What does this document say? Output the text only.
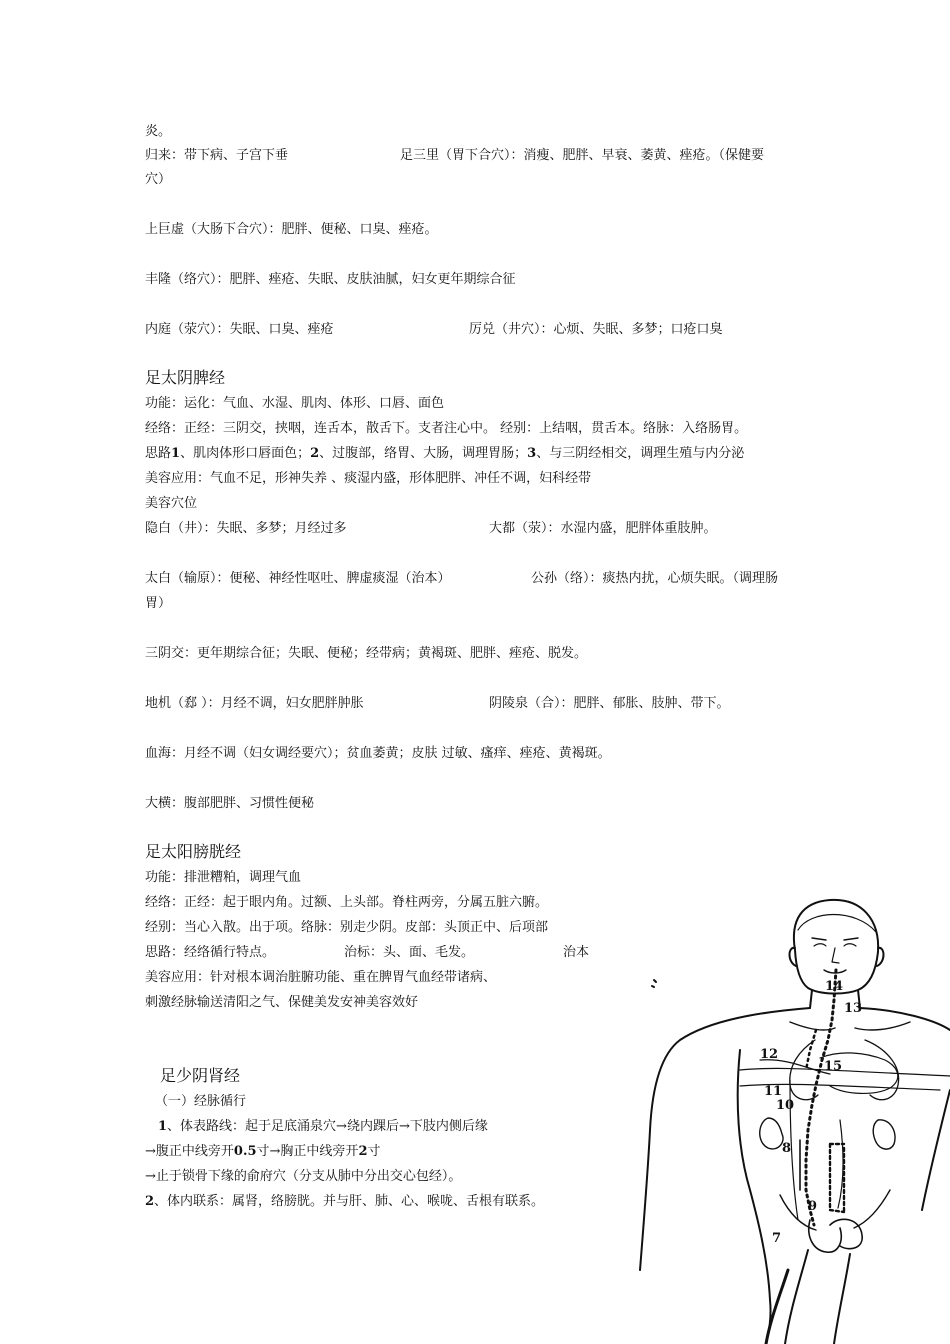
炎。
归来：带下病、子宫下垂	足三里（胃下合穴）：消瘦、肥胖、早衰、萎黄、痤疮。（保健要
穴）
上巨虚（大肠下合穴）：肥胖、便秘、口臭、痤疮。
丰隆（络穴）：肥胖、痤疮、失眠、皮肤油腻，妇女更年期综合征
内庭（荥穴）：失眠、口臭、痤疮	厉兑（井穴）：心烦、失眠、多梦；口疮口臭
足太阴脾经
功能：运化：气血、水湿、肌肉、体形、口唇、面色
经络：正经：三阴交，挟咽，连舌本，散舌下。支者注心中。 经别：上结咽，贯舌本。络脉：入络肠胃。
思路1、肌肉体形口唇面色；2、过腹部，络胃、大肠，调理胃肠；3、与三阴经相交，调理生殖与内分泌
美容应用：气血不足，形神失养 、痰湿内盛，形体肥胖、冲任不调，妇科经带
美容穴位
隐白（井）：失眠、多梦；月经过多	大都（荥）：水湿内盛，肥胖体重肢肿。
太白（输原）：便秘、神经性呕吐、脾虚痰湿（治本）	公孙（络）：痰热内扰，心烦失眠。（调理肠
胃）
三阴交：更年期综合征；失眠、便秘；经带病；黄褐斑、肥胖、痤疮、脱发。
地机（郄 ）：月经不调，妇女肥胖肿胀	阴陵泉（合）：肥胖、郁胀、肢肿、带下。
血海：月经不调（妇女调经要穴）；贫血萎黄；皮肤 过敏、瘙痒、痤疮、黄褐斑。
大横：腹部肥胖、习惯性便秘
足太阳膀胱经
功能：排泄糟粕，调理气血
经络：正经：起于眼内角。过额、上头部。脊柱两旁，分属五脏六腑。
经别：当心入散。出于项。络脉：别走少阴。皮部：头顶正中、后项部
思路：经络循行特点。	治标：头、面、毛发。	治本
美容应用：针对根本调治脏腑功能、重在脾胃气血经带诸病、
刺激经脉输送清阳之气、保健美发安神美容效好
足少阴肾经
（一）经脉循行
1、体表路线：起于足底涌泉穴→绕内踝后→下肢内侧后缘
→腹正中线旁开0.5寸→胸正中线旁开2寸
→止于锁骨下缘的俞府穴（分支从肺中分出交心包经）。
2、体内联系：属肾，络膀胱。并与肝、肺、心、喉咙、舌根有联系。
14
13
12
15
11
10
8
9
7
